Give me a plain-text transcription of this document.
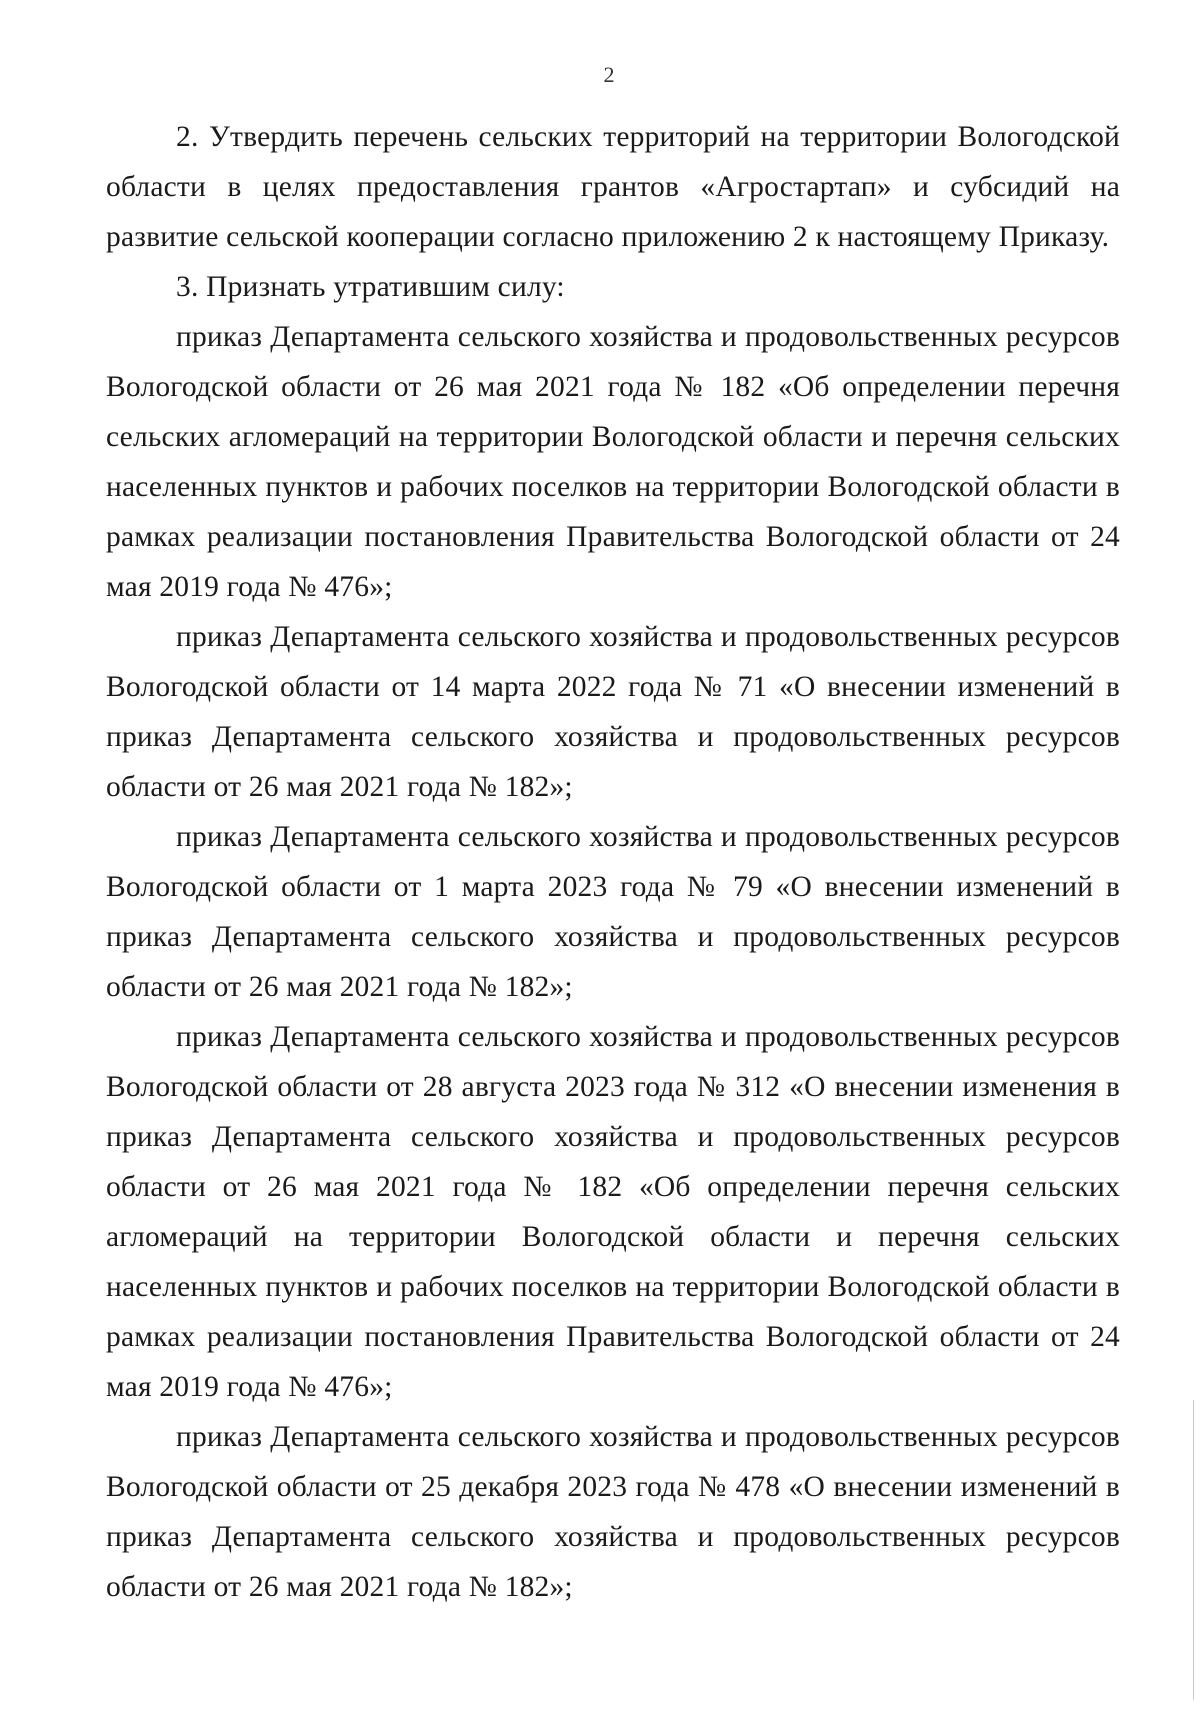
2

2. Утвердить перечень сельских территорий на территории Вологодской области в целях предоставления грантов «Агростартап» и субсидий на развитие сельской кооперации согласно приложению 2 к настоящему Приказу.

3. Признать утратившим силу:

приказ Департамента сельского хозяйства и продовольственных ресурсов Вологодской области от 26 мая 2021 года № 182 «Об определении перечня сельских агломераций на территории Вологодской области и перечня сельских населенных пунктов и рабочих поселков на территории Вологодской области в рамках реализации постановления Правительства Вологодской области от 24 мая 2019 года № 476»;

приказ Департамента сельского хозяйства и продовольственных ресурсов Вологодской области от 14 марта 2022 года № 71 «О внесении изменений в приказ Департамента сельского хозяйства и продовольственных ресурсов области от 26 мая 2021 года № 182»;

приказ Департамента сельского хозяйства и продовольственных ресурсов Вологодской области от 1 марта 2023 года № 79 «О внесении изменений в приказ Департамента сельского хозяйства и продовольственных ресурсов области от 26 мая 2021 года № 182»;

приказ Департамента сельского хозяйства и продовольственных ресурсов Вологодской области от 28 августа 2023 года № 312 «О внесении изменения в приказ Департамента сельского хозяйства и продовольственных ресурсов области от 26 мая 2021 года № 182 «Об определении перечня сельских агломераций на территории Вологодской области и перечня сельских населенных пунктов и рабочих поселков на территории Вологодской области в рамках реализации постановления Правительства Вологодской области от 24 мая 2019 года № 476»;

приказ Департамента сельского хозяйства и продовольственных ресурсов Вологодской области от 25 декабря 2023 года № 478 «О внесении изменений в приказ Департамента сельского хозяйства и продовольственных ресурсов области от 26 мая 2021 года № 182»;
